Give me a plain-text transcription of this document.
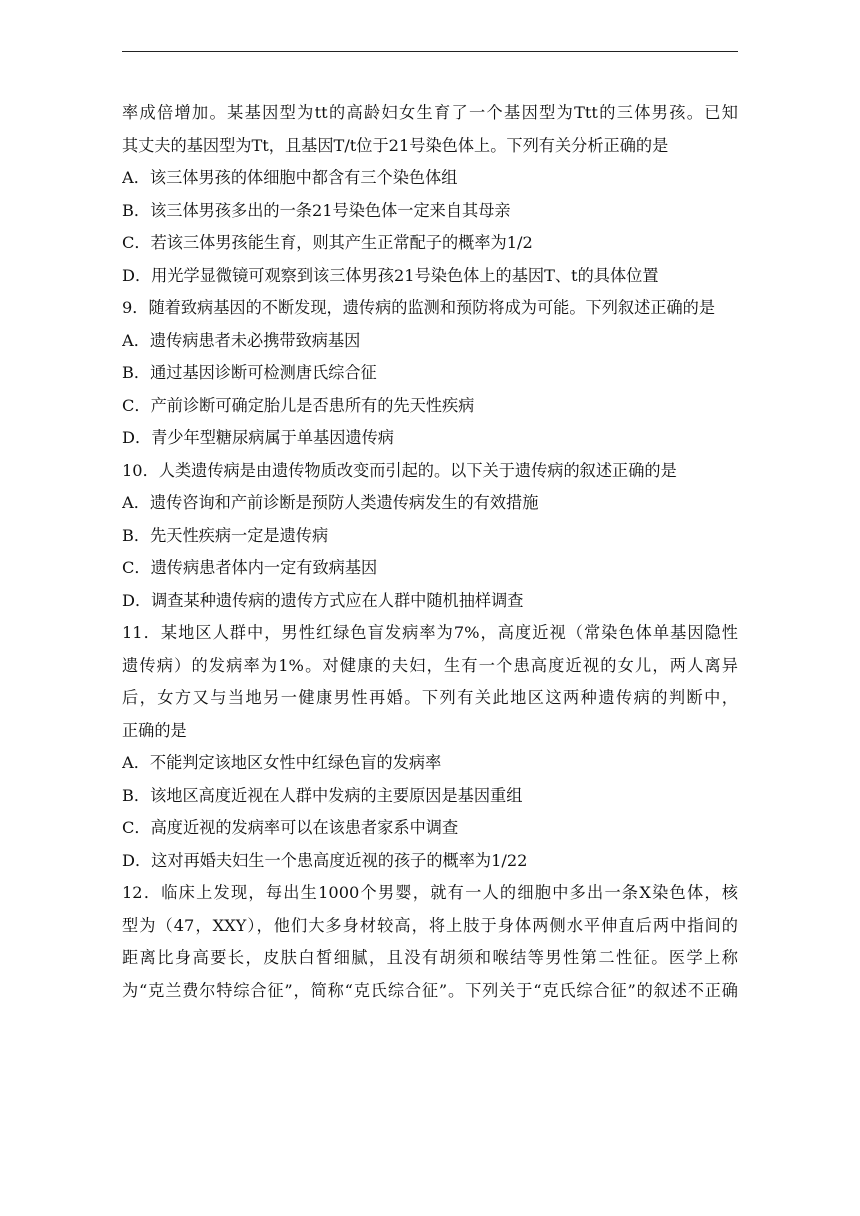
率成倍增加。某基因型为tt的高龄妇女生育了一个基因型为Ttt的三体男孩。已知
其丈夫的基因型为Tt，且基因T/t位于21号染色体上。下列有关分析正确的是
A．该三体男孩的体细胞中都含有三个染色体组
B．该三体男孩多出的一条21号染色体一定来自其母亲
C．若该三体男孩能生育，则其产生正常配子的概率为1/2
D．用光学显微镜可观察到该三体男孩21号染色体上的基因T、t的具体位置
9．随着致病基因的不断发现，遗传病的监测和预防将成为可能。下列叙述正确的是
A．遗传病患者未必携带致病基因
B．通过基因诊断可检测唐氏综合征
C．产前诊断可确定胎儿是否患所有的先天性疾病
D．青少年型糖尿病属于单基因遗传病
10．人类遗传病是由遗传物质改变而引起的。以下关于遗传病的叙述正确的是
A．遗传咨询和产前诊断是预防人类遗传病发生的有效措施
B．先天性疾病一定是遗传病
C．遗传病患者体内一定有致病基因
D．调查某种遗传病的遗传方式应在人群中随机抽样调查
11．某地区人群中，男性红绿色盲发病率为7%，高度近视（常染色体单基因隐性
遗传病）的发病率为1%。对健康的夫妇，生有一个患高度近视的女儿，两人离异
后，女方又与当地另一健康男性再婚。下列有关此地区这两种遗传病的判断中，
正确的是
A．不能判定该地区女性中红绿色盲的发病率
B．该地区高度近视在人群中发病的主要原因是基因重组
C．高度近视的发病率可以在该患者家系中调查
D．这对再婚夫妇生一个患高度近视的孩子的概率为1/22
12．临床上发现，每出生1000个男婴，就有一人的细胞中多出一条X染色体，核
型为（47，XXY），他们大多身材较高，将上肢于身体两侧水平伸直后两中指间的
距离比身高要长，皮肤白皙细腻，且没有胡须和喉结等男性第二性征。医学上称
为“克兰费尔特综合征”，简称“克氏综合征”。下列关于“克氏综合征”的叙述不正确
